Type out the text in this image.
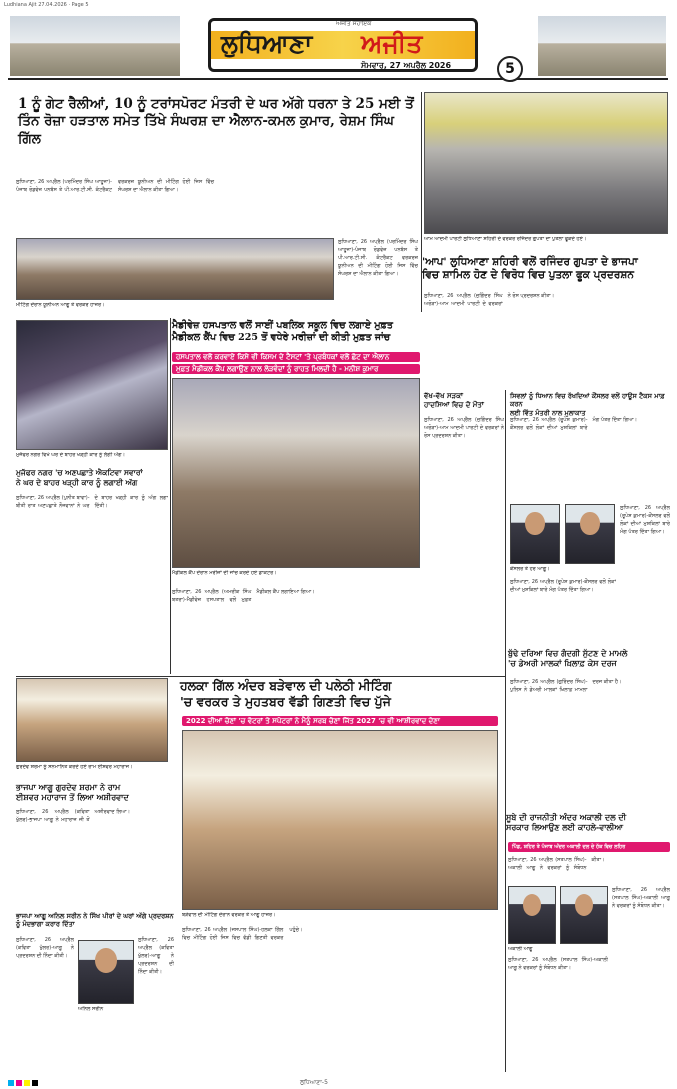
Ludhiana Ajit 27.04.2026 · Page 5
ਅਜੀਤ ਸਹਾਇਕ
ਲੁਧਿਆਣਾ ਅਜੀਤ
ਸੋਮਵਾਰ, 27 ਅਪ੍ਰੈਲ 2026	5
1 ਨੂੰ ਗੇਟ ਰੈਲੀਆਂ, 10 ਨੂੰ ਟਰਾਂਸਪੋਰਟ ਮੰਤਰੀ ਦੇ ਘਰ ਅੱਗੇ ਧਰਨਾ ਤੇ 25 ਮਈ ਤੋਂ
ਤਿੰਨ ਰੋਜ਼ਾ ਹੜਤਾਲ ਸਮੇਤ ਤਿੱਖੇ ਸੰਘਰਸ਼ ਦਾ ਐਲਾਨ-ਕਮਲ ਕੁਮਾਰ, ਰੇਸ਼ਮ ਸਿੰਘ ਗਿੱਲ
ਲੁਧਿਆਣਾ, 26 ਅਪ੍ਰੈਲ (ਪਰਮਿੰਦਰ ਸਿੰਘ ਆਹੂਜਾ)-ਪੰਜਾਬ ਰੋਡਵੇਜ਼ ਪਨਬੱਸ ਤੇ ਪੀ.ਆਰ.ਟੀ.ਸੀ. ਕੰਟਰੈਕਟ ਵਰਕਰਜ਼ ਯੂਨੀਅਨ ਦੀ ਮੀਟਿੰਗ ਹੋਈ ਜਿਸ ਵਿੱਚ ਸੰਘਰਸ਼ ਦਾ ਐਲਾਨ ਕੀਤਾ ਗਿਆ।
ਲੁਧਿਆਣਾ, 26 ਅਪ੍ਰੈਲ (ਪਰਮਿੰਦਰ ਸਿੰਘ ਆਹੂਜਾ)-ਪੰਜਾਬ ਰੋਡਵੇਜ਼ ਪਨਬੱਸ ਤੇ ਪੀ.ਆਰ.ਟੀ.ਸੀ. ਕੰਟਰੈਕਟ ਵਰਕਰਜ਼ ਯੂਨੀਅਨ ਦੀ ਮੀਟਿੰਗ ਹੋਈ ਜਿਸ ਵਿੱਚ ਸੰਘਰਸ਼ ਦਾ ਐਲਾਨ ਕੀਤਾ ਗਿਆ।
ਮੀਟਿੰਗ ਦੌਰਾਨ ਯੂਨੀਅਨ ਆਗੂ ਤੇ ਵਰਕਰ ਹਾਜ਼ਰ।
ਆਮ ਆਦਮੀ ਪਾਰਟੀ ਲੁਧਿਆਣਾ ਸ਼ਹਿਰੀ ਦੇ ਵਰਕਰ ਰਜਿੰਦਰ ਗੁਪਤਾ ਦਾ ਪੁਤਲਾ ਫੂਕਦੇ ਹੋਏ।
'ਆਪ' ਲੁਧਿਆਣਾ ਸ਼ਹਿਰੀ ਵਲੋਂ ਰਜਿੰਦਰ ਗੁਪਤਾ ਦੇ ਭਾਜਪਾ
ਵਿਚ ਸ਼ਾਮਿਲ ਹੋਣ ਦੇ ਵਿਰੋਧ ਵਿਚ ਪੁਤਲਾ ਫੂਕ ਪ੍ਰਦਰਸ਼ਨ
ਲੁਧਿਆਣਾ, 26 ਅਪ੍ਰੈਲ (ਜੁਗਿੰਦਰ ਸਿੰਘ ਅਰੋੜਾ)-ਆਮ ਆਦਮੀ ਪਾਰਟੀ ਦੇ ਵਰਕਰਾਂ ਨੇ ਰੋਸ ਪ੍ਰਦਰਸ਼ਨ ਕੀਤਾ।
ਵੱਖ-ਵੱਖ ਸੜਕਾਂ
ਹਾਦਸਿਆਂ ਵਿਚ ਦੋ ਮੌਤਾਂ
ਲੁਧਿਆਣਾ, 26 ਅਪ੍ਰੈਲ (ਜੁਗਿੰਦਰ ਸਿੰਘ ਅਰੋੜਾ)-ਆਮ ਆਦਮੀ ਪਾਰਟੀ ਦੇ ਵਰਕਰਾਂ ਨੇ ਰੋਸ ਪ੍ਰਦਰਸ਼ਨ ਕੀਤਾ।
ਮੈਡੀਵੇਜ਼ ਹਸਪਤਾਲ ਵਲੋਂ ਸਾਈਂ ਪਬਲਿਕ ਸਕੂਲ ਵਿਚ ਲਗਾਏ ਮੁਫ਼ਤ
ਮੈਡੀਕਲ ਕੈਂਪ ਵਿਚ 225 ਤੋਂ ਵਧੇਰੇ ਮਰੀਜ਼ਾਂ ਦੀ ਕੀਤੀ ਮੁਫ਼ਤ ਜਾਂਚ
ਹਸਪਤਾਲ ਵਲੋਂ ਕਰਵਾਏ ਕਿਸੇ ਵੀ ਕਿਸਮ ਦੇ ਟੈਸਟਾਂ 'ਤੇ ਪ੍ਰਬੰਧਕਾਂ ਵਲੋਂ ਛੋਟ ਦਾ ਐਲਾਨ
ਮੁਫ਼ਤ ਮੈਡੀਕਲ ਕੈਂਪ ਲਗਾਉਣ ਨਾਲ ਲੋੜਵੰਦਾਂ ਨੂੰ ਰਾਹਤ ਮਿਲਦੀ ਹੈ - ਮਨੀਸ਼ ਕੁਮਾਰ
ਮੈਡੀਕਲ ਕੈਂਪ ਦੌਰਾਨ ਮਰੀਜ਼ਾਂ ਦੀ ਜਾਂਚ ਕਰਦੇ ਹੋਏ ਡਾਕਟਰ।
ਲੁਧਿਆਣਾ, 26 ਅਪ੍ਰੈਲ (ਅਮਰੀਕ ਸਿੰਘ ਬਤਰਾ)-ਮੈਡੀਵੇਜ਼ ਹਸਪਤਾਲ ਵਲੋਂ ਮੁਫ਼ਤ ਮੈਡੀਕਲ ਕੈਂਪ ਲਗਾਇਆ ਗਿਆ।
ਮੁਜੱਫਰ ਨਗਰ ਵਿਖੇ ਘਰ ਦੇ ਬਾਹਰ ਖੜ੍ਹੀ ਕਾਰ ਨੂੰ ਲੱਗੀ ਅੱਗ।
ਮੁਜੱਫਰ ਨਗਰ 'ਚ ਅਣਪਛਾਤੇ ਐਕਟਿਵਾ ਸਵਾਰਾਂ
ਨੇ ਘਰ ਦੇ ਬਾਹਰ ਖੜ੍ਹੀ ਕਾਰ ਨੂੰ ਲਗਾਈ ਅੱਗ
ਲੁਧਿਆਣਾ, 26 ਅਪ੍ਰੈਲ (ਪੁਨੀਤ ਬਾਵਾ)-ਬੀਤੀ ਰਾਤ ਅਣਪਛਾਤੇ ਨੌਜਵਾਨਾਂ ਨੇ ਘਰ ਦੇ ਬਾਹਰ ਖੜ੍ਹੀ ਕਾਰ ਨੂੰ ਅੱਗ ਲਗਾ ਦਿੱਤੀ।
ਸਿਵਲਾਂ ਨੂੰ ਧਿਆਨ ਵਿਚ ਰੱਖਦਿਆਂ ਕੌਂਸਲਰ ਵਲੋਂ ਹਾਊਸ ਟੈਕਸ ਮਾਫ਼ ਕਰਨ
ਲਈ ਵਿੱਤ ਮੰਤਰੀ ਨਾਲ ਮੁਲਾਕਾਤ
ਲੁਧਿਆਣਾ, 26 ਅਪ੍ਰੈਲ (ਰੂਪੇਸ਼ ਕੁਮਾਰ)-ਕੌਂਸਲਰ ਵਲੋਂ ਲੋਕਾਂ ਦੀਆਂ ਮੁਸ਼ਕਿਲਾਂ ਬਾਰੇ ਮੰਗ ਪੱਤਰ ਦਿੱਤਾ ਗਿਆ।
ਲੁਧਿਆਣਾ, 26 ਅਪ੍ਰੈਲ (ਰੂਪੇਸ਼ ਕੁਮਾਰ)-ਕੌਂਸਲਰ ਵਲੋਂ ਲੋਕਾਂ ਦੀਆਂ ਮੁਸ਼ਕਿਲਾਂ ਬਾਰੇ ਮੰਗ ਪੱਤਰ ਦਿੱਤਾ ਗਿਆ।
ਕੌਂਸਲਰ ਤੇ ਹੋਰ ਆਗੂ।
ਲੁਧਿਆਣਾ, 26 ਅਪ੍ਰੈਲ (ਰੂਪੇਸ਼ ਕੁਮਾਰ)-ਕੌਂਸਲਰ ਵਲੋਂ ਲੋਕਾਂ ਦੀਆਂ ਮੁਸ਼ਕਿਲਾਂ ਬਾਰੇ ਮੰਗ ਪੱਤਰ ਦਿੱਤਾ ਗਿਆ।
ਬੁੱਢੇ ਦਰਿਆ ਵਿਚ ਗੰਦਗੀ ਸੁੱਟਣ ਦੇ ਮਾਮਲੇ
'ਚ ਡੇਅਰੀ ਮਾਲਕਾਂ ਖ਼ਿਲਾਫ਼ ਕੇਸ ਦਰਜ
ਲੁਧਿਆਣਾ, 26 ਅਪ੍ਰੈਲ (ਗੁਰਿੰਦਰ ਸਿੰਘ)-ਪੁਲਿਸ ਨੇ ਡੇਅਰੀ ਮਾਲਕਾਂ ਖ਼ਿਲਾਫ਼ ਮਾਮਲਾ ਦਰਜ ਕੀਤਾ ਹੈ।
ਗੁਰਦੇਵ ਸ਼ਰਮਾ ਨੂੰ ਸਨਮਾਨਿਤ ਕਰਦੇ ਹੋਏ ਰਾਮ ਈਸ਼ਵਰ ਮਹਾਰਾਜ।
ਭਾਜਪਾ ਆਗੂ ਗੁਰਦੇਵ ਸ਼ਰਮਾ ਨੇ ਰਾਮ
ਈਸ਼ਵਰ ਮਹਾਰਾਜ ਤੋਂ ਲਿਆ ਅਸ਼ੀਰਵਾਦ
ਲੁਧਿਆਣਾ, 26 ਅਪ੍ਰੈਲ (ਕਵਿਤਾ ਖੁੱਲਰ)-ਭਾਜਪਾ ਆਗੂ ਨੇ ਮਹਾਰਾਜ ਜੀ ਤੋਂ ਅਸ਼ੀਰਵਾਦ ਲਿਆ।
ਭਾਜਪਾ ਆਗੂ ਅਨਿਲ ਸਰੀਨ ਨੇ ਸਿੱਖ ਪੀਰਾਂ ਦੇ ਘਰਾਂ ਅੱਗੇ ਪ੍ਰਦਰਸ਼ਨ ਨੂੰ ਮੰਦਭਾਗਾ ਕਰਾਰ ਦਿੱਤਾ
ਲੁਧਿਆਣਾ, 26 ਅਪ੍ਰੈਲ (ਕਵਿਤਾ ਖੁੱਲਰ)-ਆਗੂ ਨੇ ਪ੍ਰਦਰਸ਼ਨ ਦੀ ਨਿੰਦਾ ਕੀਤੀ।
ਅਨਿਲ ਸਰੀਨ
ਲੁਧਿਆਣਾ, 26 ਅਪ੍ਰੈਲ (ਕਵਿਤਾ ਖੁੱਲਰ)-ਆਗੂ ਨੇ ਪ੍ਰਦਰਸ਼ਨ ਦੀ ਨਿੰਦਾ ਕੀਤੀ।
ਹਲਕਾ ਗਿੱਲ ਅੰਦਰ ਬੜੇਵਾਲ ਦੀ ਪਲੇਠੀ ਮੀਟਿੰਗ
'ਚ ਵਰਕਰ ਤੇ ਮੁਹਤਬਰ ਵੱਡੀ ਗਿਣਤੀ ਵਿਚ ਪੁੱਜੇ
2022 ਦੀਆਂ ਚੋਣਾਂ 'ਚ ਵੋਟਰਾਂ ਤੇ ਸਪੋਟਰਾਂ ਨੇ ਮੈਨੂੰ ਸਰਬ ਚੋਣਾਂ ਜਿੱਤ 2027 'ਚ ਵੀ ਆਸ਼ੀਰਵਾਦ ਦੇਣਾ
ਬੜੇਵਾਲ ਦੀ ਮੀਟਿੰਗ ਦੌਰਾਨ ਵਰਕਰ ਤੇ ਆਗੂ ਹਾਜ਼ਰ।
ਲੁਧਿਆਣਾ, 26 ਅਪ੍ਰੈਲ (ਜਸਪਾਲ ਸਿੰਘ)-ਹਲਕਾ ਗਿੱਲ ਵਿਚ ਮੀਟਿੰਗ ਹੋਈ ਜਿਸ ਵਿਚ ਵੱਡੀ ਗਿਣਤੀ ਵਰਕਰ ਪਹੁੰਚੇ।
ਸੂਬੇ ਦੀ ਰਾਜਨੀਤੀ ਅੰਦਰ ਅਕਾਲੀ ਦਲ ਦੀ
ਸਰਕਾਰ ਲਿਆਉਣ ਲਈ ਕਾਹਲੇ-ਵਾਲੀਆ
ਪਿੰਡ, ਸ਼ਹਿਰ ਤੇ ਪੰਜਾਬ ਅੰਦਰ ਅਕਾਲੀ ਦਲ ਦੇ ਹੱਕ ਵਿਚ ਲਹਿਰ
ਲੁਧਿਆਣਾ, 26 ਅਪ੍ਰੈਲ (ਸਤਪਾਲ ਸਿੰਘ)-ਅਕਾਲੀ ਆਗੂ ਨੇ ਵਰਕਰਾਂ ਨੂੰ ਸੰਬੋਧਨ ਕੀਤਾ।
ਲੁਧਿਆਣਾ, 26 ਅਪ੍ਰੈਲ (ਸਤਪਾਲ ਸਿੰਘ)-ਅਕਾਲੀ ਆਗੂ ਨੇ ਵਰਕਰਾਂ ਨੂੰ ਸੰਬੋਧਨ ਕੀਤਾ।
ਅਕਾਲੀ ਆਗੂ
ਲੁਧਿਆਣਾ, 26 ਅਪ੍ਰੈਲ (ਸਤਪਾਲ ਸਿੰਘ)-ਅਕਾਲੀ ਆਗੂ ਨੇ ਵਰਕਰਾਂ ਨੂੰ ਸੰਬੋਧਨ ਕੀਤਾ।
ਲੁਧਿਆਣਾ-5
